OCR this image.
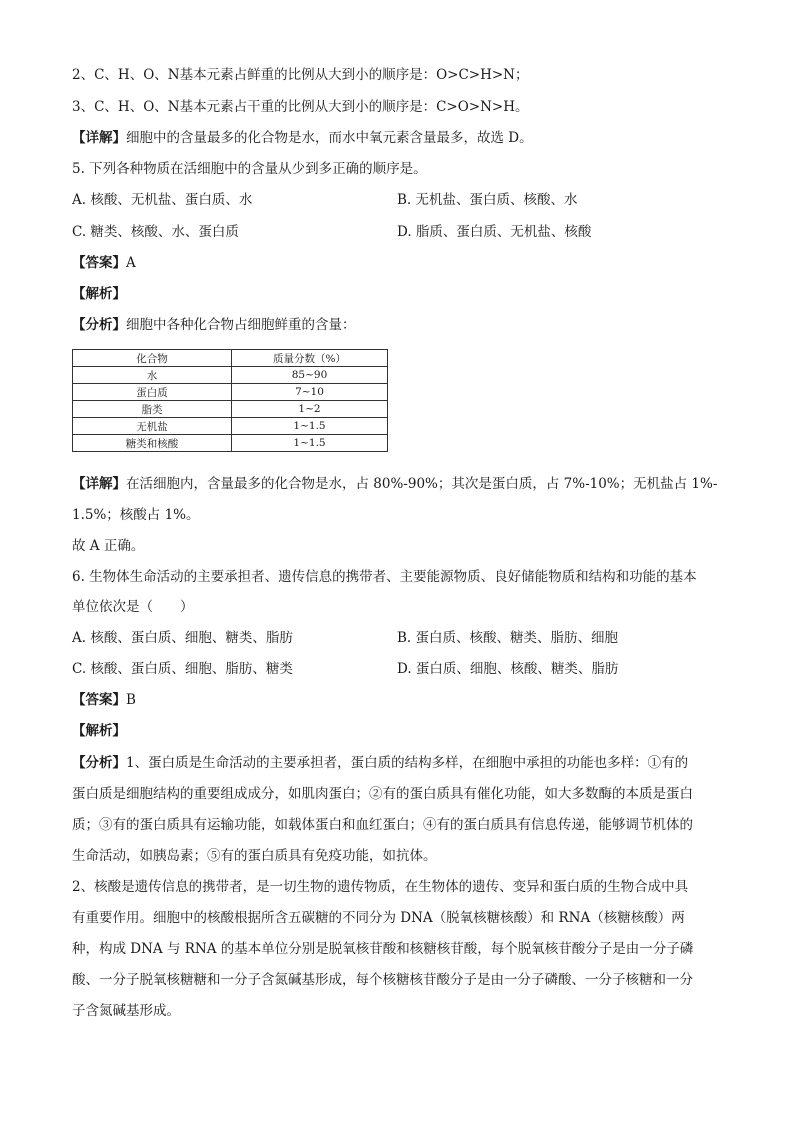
2、C、H、O、N基本元素占鲜重的比例从大到小的顺序是：O>C>H>N；
3、C、H、O、N基本元素占干重的比例从大到小的顺序是：C>O>N>H。
【详解】细胞中的含量最多的化合物是水，而水中氧元素含量最多，故选 D。
5. 下列各种物质在活细胞中的含量从少到多正确的顺序是。
A. 核酸、无机盐、蛋白质、水	B. 无机盐、蛋白质、核酸、水
C. 糖类、核酸、水、蛋白质	D. 脂质、蛋白质、无机盐、核酸
【答案】A
【解析】
【分析】细胞中各种化合物占细胞鲜重的含量：
化合物	质量分数（%）
水	85~90
蛋白质	7~10
脂类	1~2
无机盐	1~1.5
糖类和核酸	1~1.5
【详解】在活细胞内，含量最多的化合物是水，占 80%-90%；其次是蛋白质，占 7%-10%；无机盐占 1%-
1.5%；核酸占 1%。
故 A 正确。
6. 生物体生命活动的主要承担者、遗传信息的携带者、主要能源物质、良好储能物质和结构和功能的基本
单位依次是（　　）
A. 核酸、蛋白质、细胞、糖类、脂肪	B. 蛋白质、核酸、糖类、脂肪、细胞
C. 核酸、蛋白质、细胞、脂肪、糖类	D. 蛋白质、细胞、核酸、糖类、脂肪
【答案】B
【解析】
【分析】1、蛋白质是生命活动的主要承担者，蛋白质的结构多样，在细胞中承担的功能也多样：①有的
蛋白质是细胞结构的重要组成成分，如肌肉蛋白；②有的蛋白质具有催化功能，如大多数酶的本质是蛋白
质；③有的蛋白质具有运输功能，如载体蛋白和血红蛋白；④有的蛋白质具有信息传递，能够调节机体的
生命活动，如胰岛素；⑤有的蛋白质具有免疫功能，如抗体。
2、核酸是遗传信息的携带者，是一切生物的遗传物质，在生物体的遗传、变异和蛋白质的生物合成中具
有重要作用。细胞中的核酸根据所含五碳糖的不同分为 DNA（脱氧核糖核酸）和 RNA（核糖核酸）两
种，构成 DNA 与 RNA 的基本单位分别是脱氧核苷酸和核糖核苷酸，每个脱氧核苷酸分子是由一分子磷
酸、一分子脱氧核糖糖和一分子含氮碱基形成，每个核糖核苷酸分子是由一分子磷酸、一分子核糖和一分
子含氮碱基形成。
